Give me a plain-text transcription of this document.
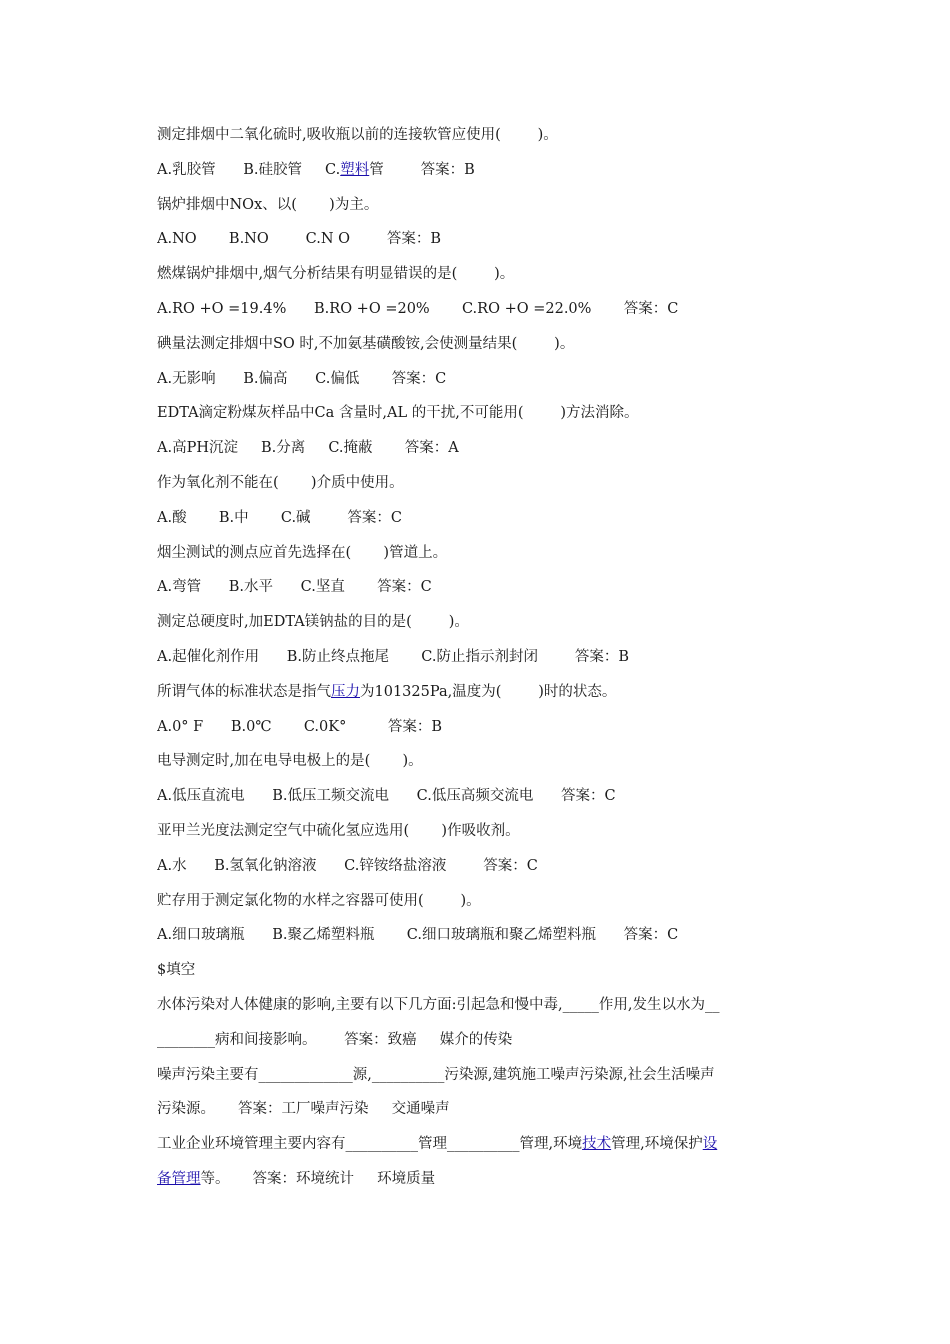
测定排烟中二氧化硫时,吸收瓶以前的连接软管应使用(        )。
A.乳胶管      B.硅胶管     C.塑料管        答案：B
锅炉排烟中NOx、以(       )为主。
A.NO       B.NO        C.N O        答案：B
燃煤锅炉排烟中,烟气分析结果有明显错误的是(        )。
A.RO +O =19.4%      B.RO +O =20%       C.RO +O =22.0%       答案：C
碘量法测定排烟中SO 时,不加氨基磺酸铵,会使测量结果(        )。
A.无影响      B.偏高      C.偏低       答案：C
EDTA滴定粉煤灰样品中Ca 含量时,AL 的干扰,不可能用(        )方法消除。
A.高PH沉淀     B.分离     C.掩蔽       答案：A
作为氧化剂不能在(       )介质中使用。
A.酸       B.中       C.碱        答案：C
烟尘测试的测点应首先选择在(       )管道上。
A.弯管      B.水平      C.坚直       答案：C
测定总硬度时,加EDTA镁钠盐的目的是(        )。
A.起催化剂作用      B.防止终点拖尾       C.防止指示剂封闭        答案：B
所谓气体的标准状态是指气压力为101325Pa,温度为(        )时的状态。
A.0° F      B.0℃       C.0K°         答案：B
电导测定时,加在电导电极上的是(       )。
A.低压直流电      B.低压工频交流电      C.低压高频交流电      答案：C
亚甲兰光度法测定空气中硫化氢应选用(       )作吸收剂。
A.水      B.氢氧化钠溶液      C.锌铵络盐溶液        答案：C
贮存用于测定氯化物的水样之容器可使用(        )。
A.细口玻璃瓶      B.聚乙烯塑料瓶       C.细口玻璃瓶和聚乙烯塑料瓶      答案：C
$填空
水体污染对人体健康的影响,主要有以下几方面:引起急和慢中毒,_____作用,发生以水为__
________病和间接影响。      答案：致癌     媒介的传染
噪声污染主要有_____________源,__________污染源,建筑施工噪声污染源,社会生活噪声
污染源。     答案：工厂噪声污染     交通噪声
工业企业环境管理主要内容有__________管理__________管理,环境技术管理,环境保护设
备管理等。     答案：环境统计     环境质量
